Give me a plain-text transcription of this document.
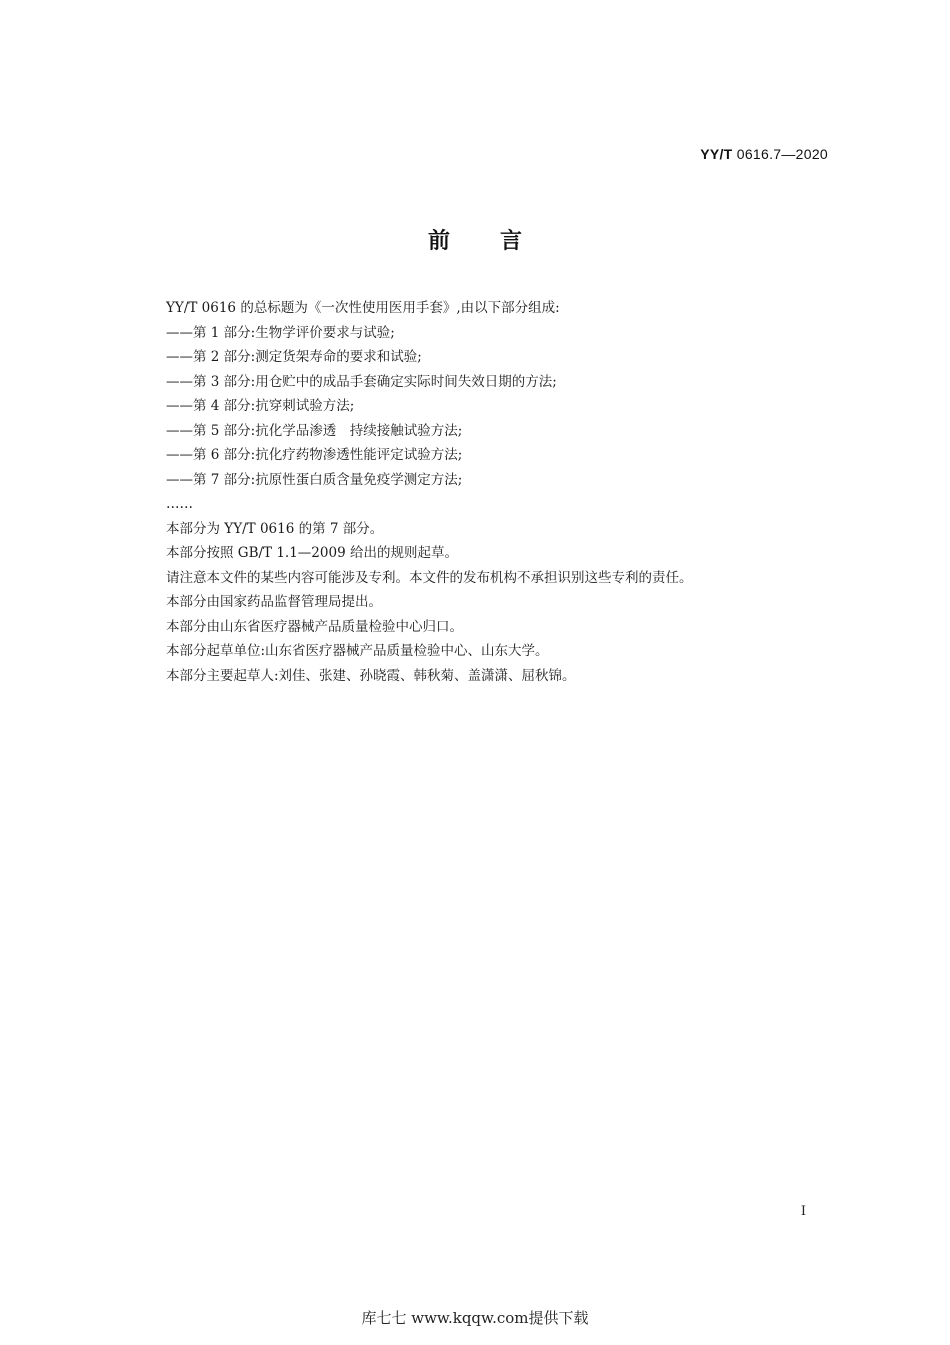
YY/T 0616.7—2020
前言
YY/T 0616 的总标题为《一次性使用医用手套》,由以下部分组成:
——第 1 部分:生物学评价要求与试验;
——第 2 部分:测定货架寿命的要求和试验;
——第 3 部分:用仓贮中的成品手套确定实际时间失效日期的方法;
——第 4 部分:抗穿刺试验方法;
——第 5 部分:抗化学品渗透　持续接触试验方法;
——第 6 部分:抗化疗药物渗透性能评定试验方法;
——第 7 部分:抗原性蛋白质含量免疫学测定方法;
……
本部分为 YY/T 0616 的第 7 部分。
本部分按照 GB/T 1.1—2009 给出的规则起草。
请注意本文件的某些内容可能涉及专利。本文件的发布机构不承担识别这些专利的责任。
本部分由国家药品监督管理局提出。
本部分由山东省医疗器械产品质量检验中心归口。
本部分起草单位:山东省医疗器械产品质量检验中心、山东大学。
本部分主要起草人:刘佳、张建、孙晓霞、韩秋菊、盖潇潇、屈秋锦。
I
库七七 www.kqqw.com提供下载
